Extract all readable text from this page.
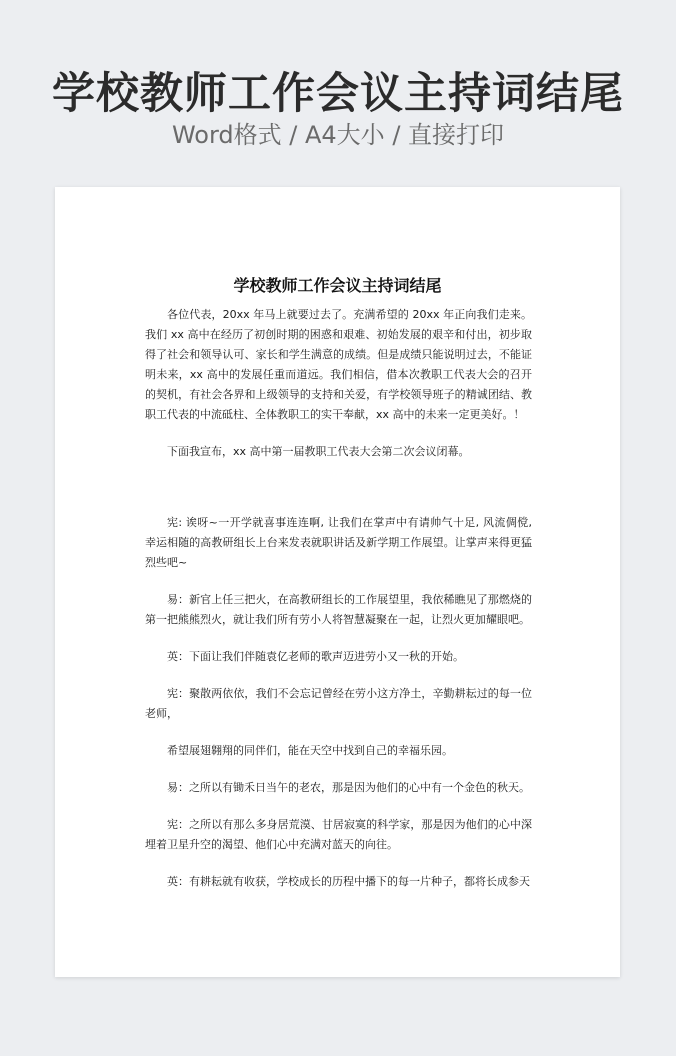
学校教师工作会议主持词结尾
Word格式 / A4大小 / 直接打印
学校教师工作会议主持词结尾

各位代表，20xx 年马上就要过去了。充满希望的 20xx 年正向我们走来。我们 xx 高中在经历了初创时期的困惑和艰难、初始发展的艰辛和付出，初步取得了社会和领导认可、家长和学生满意的成绩。但是成绩只能说明过去，不能证明未来，xx 高中的发展任重而道远。我们相信，借本次教职工代表大会的召开的契机，有社会各界和上级领导的支持和关爱，有学校领导班子的精诚团结、教职工代表的中流砥柱、全体教职工的实干奉献，xx 高中的未来一定更美好。！

下面我宣布，xx 高中第一届教职工代表大会第二次会议闭幕。

宪: 诶呀~一开学就喜事连连啊, 让我们在掌声中有请帅气十足, 风流倜傥, 幸运相随的高教研组长上台来发表就职讲话及新学期工作展望。让掌声来得更猛烈些吧~

易：新官上任三把火，在高教研组长的工作展望里，我依稀瞧见了那燃烧的第一把熊熊烈火，就让我们所有劳小人将智慧凝聚在一起，让烈火更加耀眼吧。

英：下面让我们伴随袁亿老师的歌声迈进劳小又一秋的开始。

宪：聚散两依依，我们不会忘记曾经在劳小这方净土，辛勤耕耘过的每一位老师，

希望展翅翱翔的同伴们，能在天空中找到自己的幸福乐园。

易：之所以有锄禾日当午的老农，那是因为他们的心中有一个金色的秋天。

宪：之所以有那么多身居荒漠、甘居寂寞的科学家，那是因为他们的心中深埋着卫星升空的渴望、他们心中充满对蓝天的向往。

英：有耕耘就有收获，学校成长的历程中播下的每一片种子，都将长成参天
